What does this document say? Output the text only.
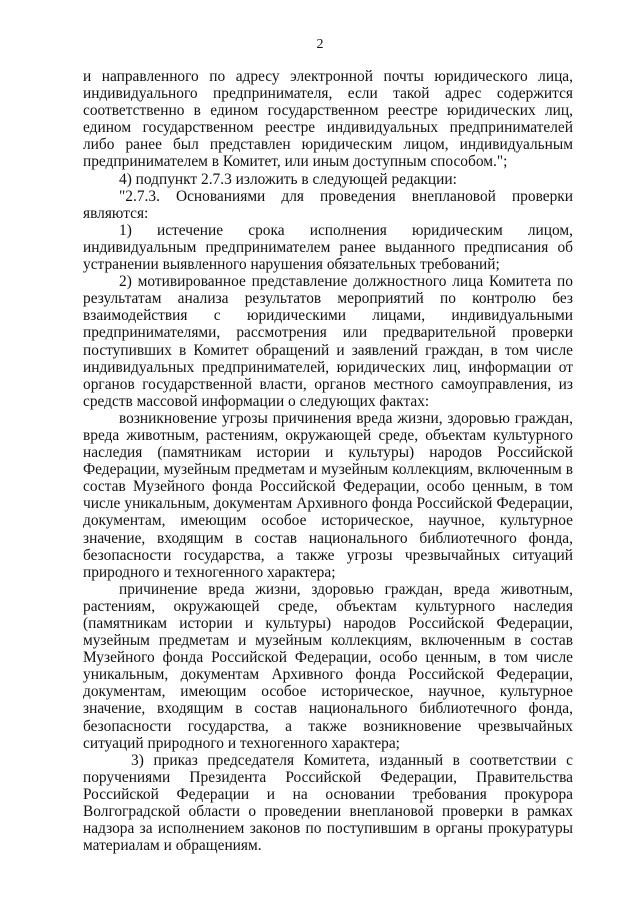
2

и направленного по адресу электронной почты юридического лица, индивидуального предпринимателя, если такой адрес содержится соответственно в едином государственном реестре юридических лиц, едином государственном реестре индивидуальных предпринимателей либо ранее был представлен юридическим лицом, индивидуальным предпринимателем в Комитет, или иным доступным способом.";

4) подпункт 2.7.3 изложить в следующей редакции:

"2.7.3. Основаниями для проведения внеплановой проверки являются:

1) истечение срока исполнения юридическим лицом, индивидуальным предпринимателем ранее выданного предписания об устранении выявленного нарушения обязательных требований;

2) мотивированное представление должностного лица Комитета по результатам анализа результатов мероприятий по контролю без взаимодействия с юридическими лицами, индивидуальными предпринимателями, рассмотрения или предварительной проверки поступивших в Комитет обращений и заявлений граждан, в том числе индивидуальных предпринимателей, юридических лиц, информации от органов государственной власти, органов местного самоуправления, из средств массовой информации о следующих фактах:

возникновение угрозы причинения вреда жизни, здоровью граждан, вреда животным, растениям, окружающей среде, объектам культурного наследия (памятникам истории и культуры) народов Российской Федерации, музейным предметам и музейным коллекциям, включенным в состав Музейного фонда Российской Федерации, особо ценным, в том числе уникальным, документам Архивного фонда Российской Федерации, документам, имеющим особое историческое, научное, культурное значение, входящим в состав национального библиотечного фонда, безопасности государства, а также угрозы чрезвычайных ситуаций природного и техногенного характера;

причинение вреда жизни, здоровью граждан, вреда животным, растениям, окружающей среде, объектам культурного наследия (памятникам истории и культуры) народов Российской Федерации, музейным предметам и музейным коллекциям, включенным в состав Музейного фонда Российской Федерации, особо ценным, в том числе уникальным, документам Архивного фонда Российской Федерации, документам, имеющим особое историческое, научное, культурное значение, входящим в состав национального библиотечного фонда, безопасности государства, а также возникновение чрезвычайных ситуаций природного и техногенного характера;

3) приказ председателя Комитета, изданный в соответствии с поручениями Президента Российской Федерации, Правительства Российской Федерации и на основании требования прокурора Волгоградской области о проведении внеплановой проверки в рамках надзора за исполнением законов по поступившим в органы прокуратуры материалам и обращениям.
